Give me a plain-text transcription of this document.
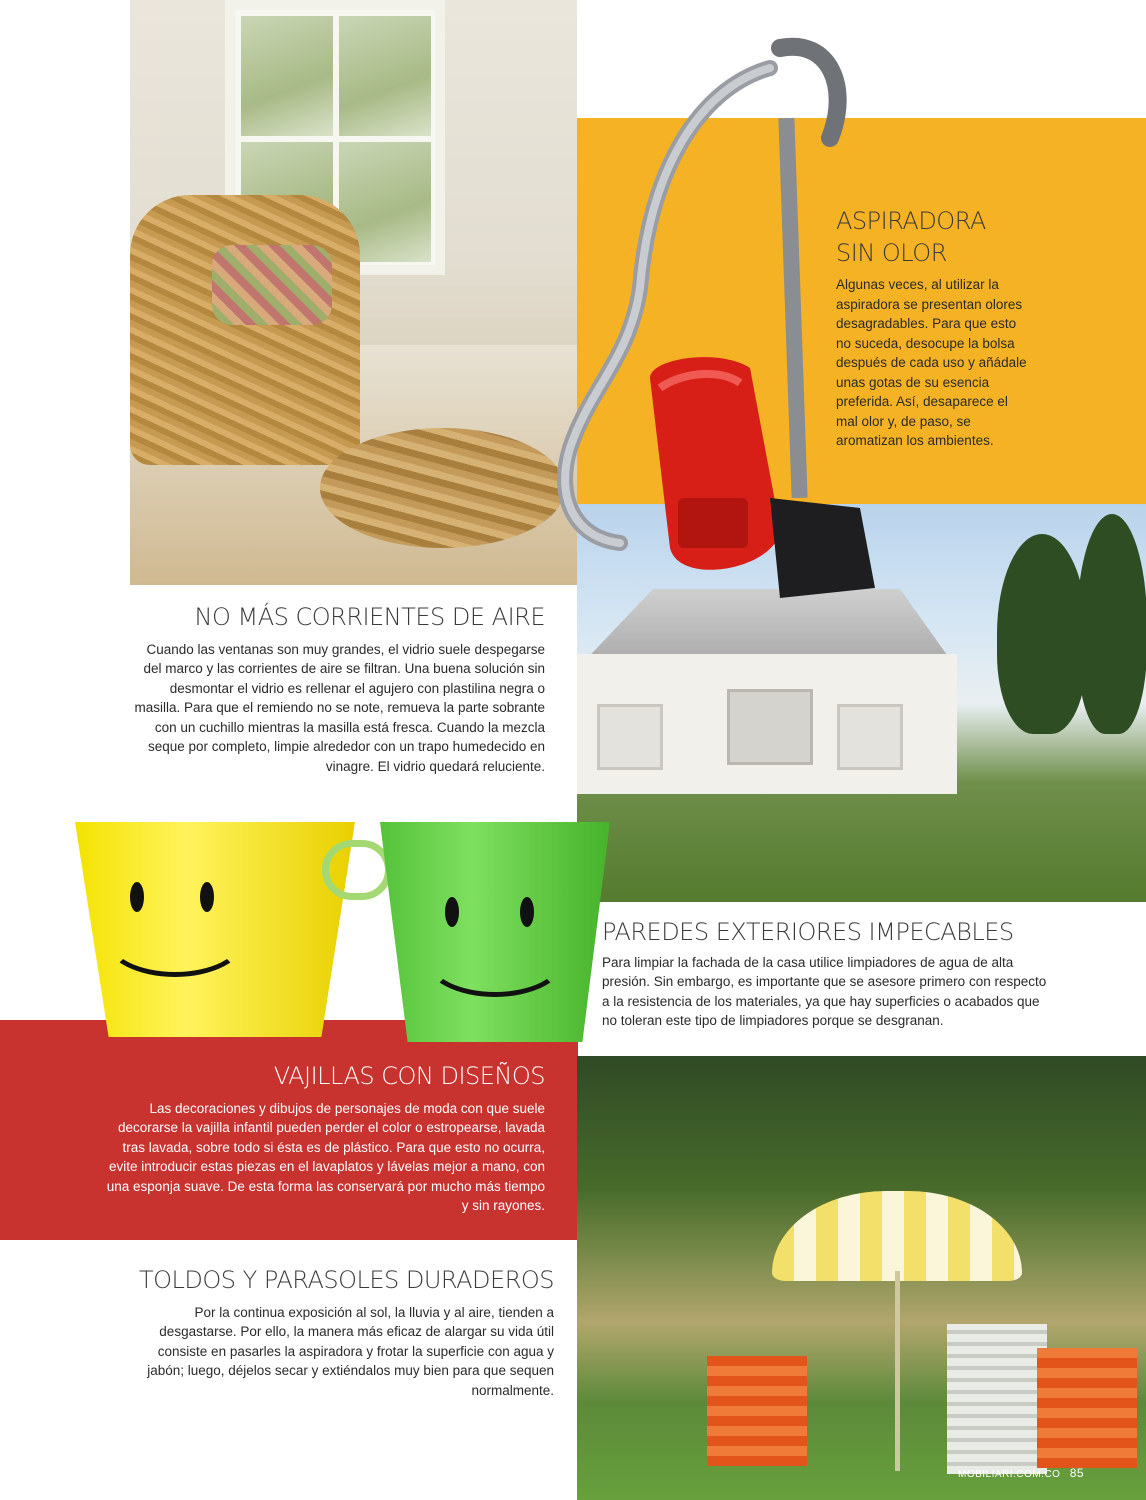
ASPIRADORA
SIN OLOR

Algunas veces, al utilizar la aspiradora se presentan olores desagradables. Para que esto no suceda, desocupe la bolsa después de cada uso y añádale unas gotas de su esencia preferida. Así, desaparece el mal olor y, de paso, se aromatizan los ambientes.

NO MÁS CORRIENTES DE AIRE

Cuando las ventanas son muy grandes, el vidrio suele despegarse del marco y las corrientes de aire se filtran. Una buena solución sin desmontar el vidrio es rellenar el agujero con plastilina negra o masilla. Para que el remiendo no se note, remueva la parte sobrante con un cuchillo mientras la masilla está fresca. Cuando la mezcla seque por completo, limpie alrededor con un trapo humedecido en vinagre. El vidrio quedará reluciente.

PAREDES EXTERIORES IMPECABLES

Para limpiar la fachada de la casa utilice limpiadores de agua de alta presión. Sin embargo, es importante que se asesore primero con respecto a la resistencia de los materiales, ya que hay superficies o acabados que no toleran este tipo de limpiadores porque se desgranan.

VAJILLAS CON DISEÑOS

Las decoraciones y dibujos de personajes de moda con que suele decorarse la vajilla infantil pueden perder el color o estropearse, lavada tras lavada, sobre todo si ésta es de plástico. Para que esto no ocurra, evite introducir estas piezas en el lavaplatos y lávelas mejor a mano, con una esponja suave. De esta forma las conservará por mucho más tiempo y sin rayones.

TOLDOS Y PARASOLES DURADEROS

Por la continua exposición al sol, la lluvia y al aire, tienden a desgastarse. Por ello, la manera más eficaz de alargar su vida útil consiste en pasarles la aspiradora y frotar la superficie con agua y jabón; luego, déjelos secar y extiéndalos muy bien para que sequen normalmente.

MOBILIARI.COM.CO 85
